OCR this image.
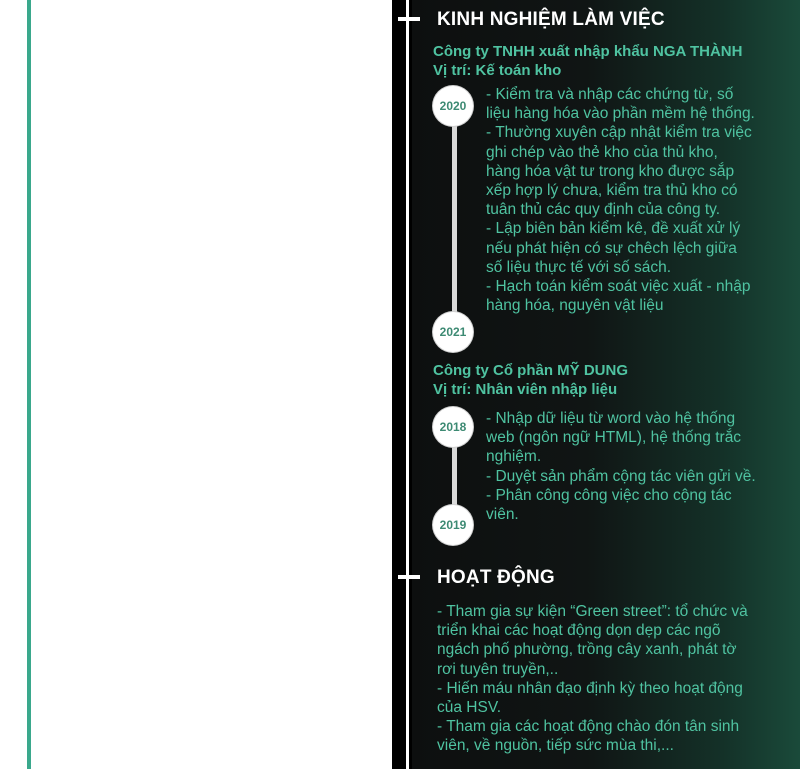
KINH NGHIỆM LÀM VIỆC
Công ty TNHH xuất nhập khẩu NGA THÀNH
Vị trí: Kế toán kho
2020
2021
- Kiểm tra và nhập các chứng từ, số liệu hàng hóa vào phần mềm hệ thống.
- Thường xuyên cập nhật kiểm tra việc ghi chép vào thẻ kho của thủ kho, hàng hóa vật tư trong kho được sắp xếp hợp lý chưa, kiểm tra thủ kho có tuân thủ các quy định của công ty.
- Lập biên bản kiểm kê, đề xuất xử lý nếu phát hiện có sự chêch lệch giữa số liệu thực tế với số sách.
- Hạch toán kiểm soát việc xuất - nhập hàng hóa, nguyên vật liệu
Công ty Cổ phần MỸ DUNG
Vị trí: Nhân viên nhập liệu
2018
2019
- Nhập dữ liệu từ word vào hệ thống web (ngôn ngữ HTML), hệ thống trắc nghiệm.
- Duyệt sản phẩm cộng tác viên gửi về.
- Phân công công việc cho cộng tác viên.
HOẠT ĐỘNG
- Tham gia sự kiện “Green street”: tổ chức và triển khai các hoạt động dọn dẹp các ngõ ngách phố phường, trồng cây xanh, phát tờ rơi tuyên truyền,..
- Hiến máu nhân đạo định kỳ theo hoạt động của HSV.
- Tham gia các hoạt động chào đón tân sinh viên, về nguồn, tiếp sức mùa thi,...
